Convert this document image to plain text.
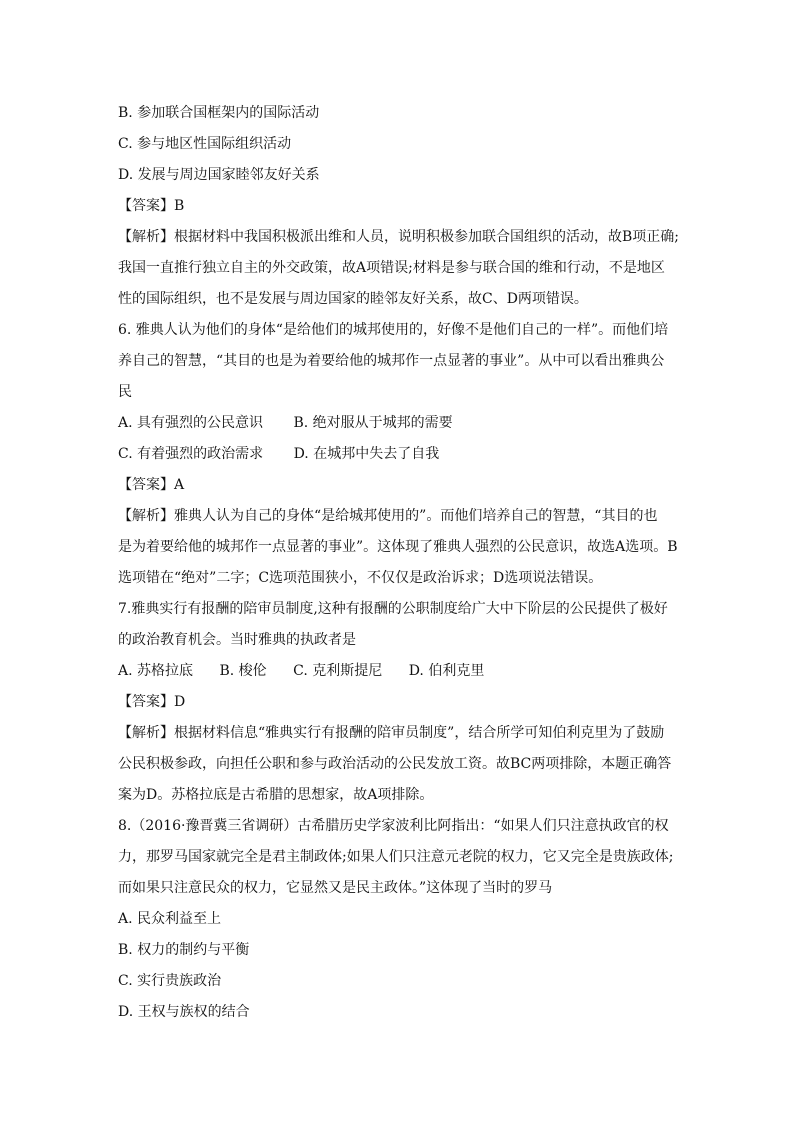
B. 参加联合国框架内的国际活动
C. 参与地区性国际组织活动
D. 发展与周边国家睦邻友好关系
【答案】B
【解析】根据材料中我国积极派出维和人员，说明积极参加联合国组织的活动，故B项正确;
我国一直推行独立自主的外交政策，故A项错误;材料是参与联合国的维和行动，不是地区
性的国际组织，也不是发展与周边国家的睦邻友好关系，故C、D两项错误。
6. 雅典人认为他们的身体“是给他们的城邦使用的，好像不是他们自己的一样”。而他们培
养自己的智慧，“其目的也是为着要给他的城邦作一点显著的事业”。从中可以看出雅典公
民
A. 具有强烈的公民意识 B. 绝对服从于城邦的需要
C. 有着强烈的政治需求 D. 在城邦中失去了自我
【答案】A
【解析】雅典人认为自己的身体“是给城邦使用的”。而他们培养自己的智慧，“其目的也
是为着要给他的城邦作一点显著的事业”。这体现了雅典人强烈的公民意识，故选A选项。B
选项错在“绝对”二字；C选项范围狭小，不仅仅是政治诉求；D选项说法错误。
7.雅典实行有报酬的陪审员制度,这种有报酬的公职制度给广大中下阶层的公民提供了极好
的政治教育机会。当时雅典的执政者是
A. 苏格拉底 B. 梭伦 C. 克利斯提尼 D. 伯利克里
【答案】D
【解析】根据材料信息“雅典实行有报酬的陪审员制度”，结合所学可知伯利克里为了鼓励
公民积极参政，向担任公职和参与政治活动的公民发放工资。故BC两项排除，本题正确答
案为D。苏格拉底是古希腊的思想家，故A项排除。
8.（2016·豫晋冀三省调研）古希腊历史学家波利比阿指出：“如果人们只注意执政官的权
力，那罗马国家就完全是君主制政体;如果人们只注意元老院的权力，它又完全是贵族政体;
而如果只注意民众的权力，它显然又是民主政体。”这体现了当时的罗马
A. 民众利益至上
B. 权力的制约与平衡
C. 实行贵族政治
D. 王权与族权的结合
